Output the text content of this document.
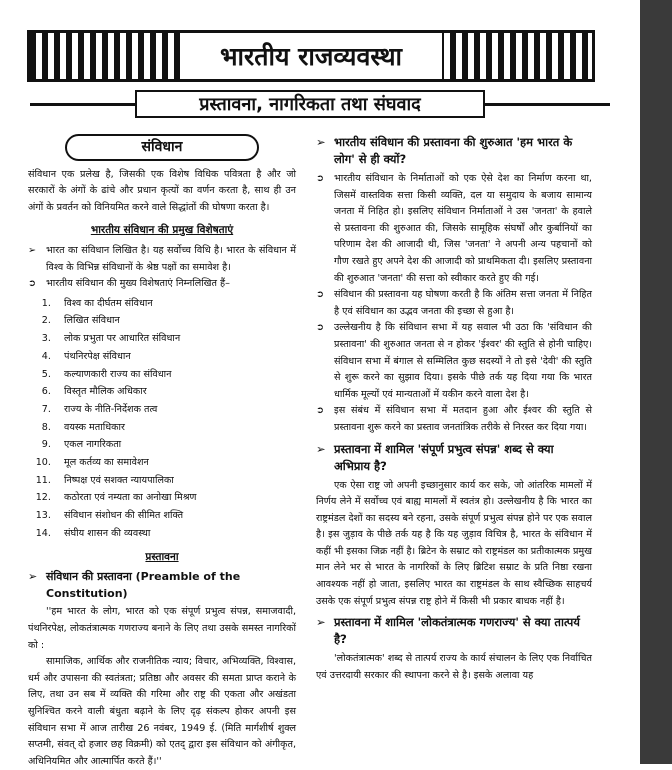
भारतीय राजव्यवस्था
प्रस्तावना, नागरिकता तथा संघवाद
संविधान
संविधान एक प्रलेख है, जिसकी एक विशेष विधिक पवित्रता है और जो सरकारों के अंगों के ढांचे और प्रधान कृत्यों का वर्णन करता है, साथ ही उन अंगों के प्रवर्तन को विनियमित करने वाले सिद्धांतों की घोषणा करता है।
भारतीय संविधान की प्रमुख विशेषताएं
➢ भारत का संविधान लिखित है। यह सर्वोच्च विधि है। भारत के संविधान में विश्व के विभिन्न संविधानों के श्रेष्ठ पक्षों का समावेश है।
➲ भारतीय संविधान की मुख्य विशेषताएं निम्नलिखित हैं–
1. विश्व का दीर्घतम संविधान
2. लिखित संविधान
3. लोक प्रभुता पर आधारित संविधान
4. पंथनिरपेक्ष संविधान
5. कल्याणकारी राज्य का संविधान
6. विस्तृत मौलिक अधिकार
7. राज्य के नीति-निर्देशक तत्व
8. वयस्क मताधिकार
9. एकल नागरिकता
10. मूल कर्तव्य का समावेशन
11. निष्पक्ष एवं सशक्त न्यायपालिका
12. कठोरता एवं नम्यता का अनोखा मिश्रण
13. संविधान संशोधन की सीमित शक्ति
14. संघीय शासन की व्यवस्था
प्रस्तावना
➢ संविधान की प्रस्तावना (Preamble of the Constitution)
''हम भारत के लोग, भारत को एक संपूर्ण प्रभुत्व संपन्न, समाजवादी, पंथनिरपेक्ष, लोकतंत्रात्मक गणराज्य बनाने के लिए तथा उसके समस्त नागरिकों को :
सामाजिक, आर्थिक और राजनीतिक न्याय; विचार, अभिव्यक्ति, विश्वास, धर्म और उपासना की स्वतंत्रता; प्रतिष्ठा और अवसर की समता प्राप्त कराने के लिए, तथा उन सब में व्यक्ति की गरिमा और राष्ट्र की एकता और अखंडता सुनिश्चित करने वाली बंधुता बढ़ाने के लिए दृढ़ संकल्प होकर अपनी इस संविधान सभा में आज तारीख 26 नवंबर, 1949 ई. (मिति मार्गशीर्ष शुक्ल सप्तमी, संवत् दो हजार छह विक्रमी) को एतद् द्वारा इस संविधान को अंगीकृत, अधिनियमित और आत्मार्पित करते हैं।''
➢ भारतीय संविधान की प्रस्तावना की शुरुआत 'हम भारत के लोग' से ही क्यों?
➲ भारतीय संविधान के निर्माताओं को एक ऐसे देश का निर्माण करना था, जिसमें वास्तविक सत्ता किसी व्यक्ति, दल या समुदाय के बजाय सामान्य जनता में निहित हो। इसलिए संविधान निर्माताओं ने उस 'जनता' के हवाले से प्रस्तावना की शुरुआत की, जिसके सामूहिक संघर्षों और कुर्बानियों का परिणाम देश की आजादी थी, जिस 'जनता' ने अपनी अन्य पहचानों को गौण रखते हुए अपने देश की आजादी को प्राथमिकता दी। इसलिए प्रस्तावना की शुरुआत 'जनता' की सत्ता को स्वीकार करते हुए की गई।
➲ संविधान की प्रस्तावना यह घोषणा करती है कि अंतिम सत्ता जनता में निहित है एवं संविधान का उद्भव जनता की इच्छा से हुआ है।
➲ उल्लेखनीय है कि संविधान सभा में यह सवाल भी उठा कि 'संविधान की प्रस्तावना' की शुरुआत जनता से न होकर 'ईश्वर' की स्तुति से होनी चाहिए। संविधान सभा में बंगाल से सम्मिलित कुछ सदस्यों ने तो इसे 'देवी' की स्तुति से शुरू करने का सुझाव दिया। इसके पीछे तर्क यह दिया गया कि भारत धार्मिक मूल्यों एवं मान्यताओं में यकीन करने वाला देश है।
➲ इस संबंध में संविधान सभा में मतदान हुआ और ईश्वर की स्तुति से प्रस्तावना शुरू करने का प्रस्ताव जनतांत्रिक तरीके से निरस्त कर दिया गया।
➢ प्रस्तावना में शामिल 'संपूर्ण प्रभुत्व संपन्न' शब्द से क्या अभिप्राय है?
एक ऐसा राष्ट्र जो अपनी इच्छानुसार कार्य कर सके, जो आंतरिक मामलों में निर्णय लेने में सर्वोच्च एवं बाह्य मामलों में स्वतंत्र हो। उल्लेखनीय है कि भारत का राष्ट्रमंडल देशों का सदस्य बने रहना, उसके संपूर्ण प्रभुत्व संपन्न होने पर एक सवाल है। इस जुड़ाव के पीछे तर्क यह है कि यह जुड़ाव विचित्र है, भारत के संविधान में कहीं भी इसका जिक्र नहीं है। ब्रिटेन के सम्राट को राष्ट्रमंडल का प्रतीकात्मक प्रमुख मान लेने भर से भारत के नागरिकों के लिए ब्रिटिश सम्राट के प्रति निष्ठा रखना आवश्यक नहीं हो जाता, इसलिए भारत का राष्ट्रमंडल के साथ स्वैच्छिक साहचर्य उसके एक संपूर्ण प्रभुत्व संपन्न राष्ट्र होने में किसी भी प्रकार बाधक नहीं है।
➢ प्रस्तावना में शामिल 'लोकतंत्रात्मक गणराज्य' से क्या तात्पर्य है?
'लोकतंत्रात्मक' शब्द से तात्पर्य राज्य के कार्य संचालन के लिए एक निर्वाचित एवं उत्तरदायी सरकार की स्थापना करने से है। इसके अलावा यह
